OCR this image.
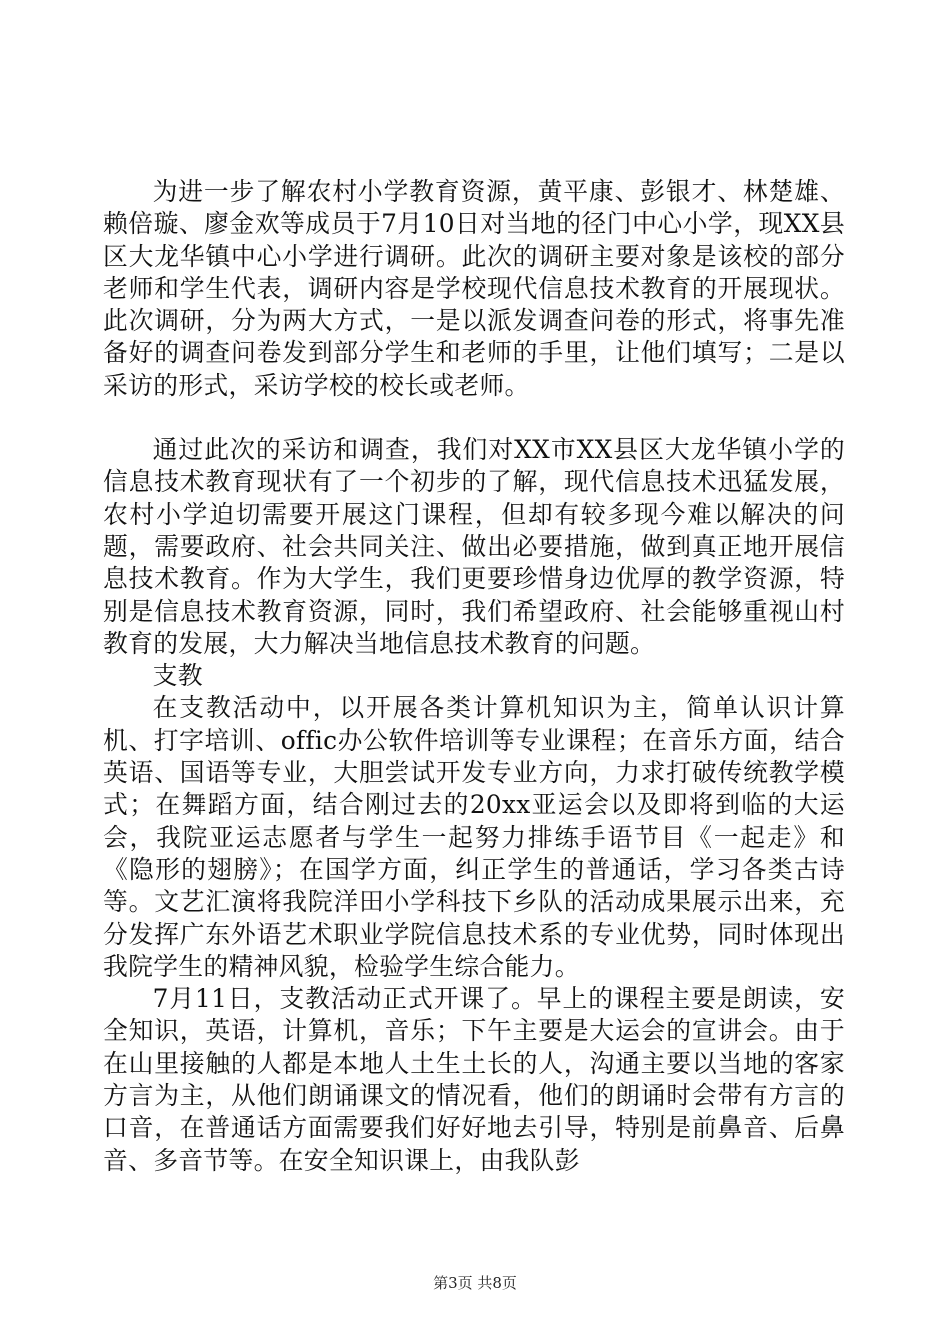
为进一步了解农村小学教育资源，黄平康、彭银才、林楚雄、赖倍璇、廖金欢等成员于7月10日对当地的径门中心小学，现XX县区大龙华镇中心小学进行调研。此次的调研主要对象是该校的部分老师和学生代表，调研内容是学校现代信息技术教育的开展现状。此次调研，分为两大方式，一是以派发调查问卷的形式，将事先准备好的调查问卷发到部分学生和老师的手里，让他们填写；二是以采访的形式，采访学校的校长或老师。

通过此次的采访和调查，我们对XX市XX县区大龙华镇小学的信息技术教育现状有了一个初步的了解，现代信息技术迅猛发展，农村小学迫切需要开展这门课程，但却有较多现今难以解决的问题，需要政府、社会共同关注、做出必要措施，做到真正地开展信息技术教育。作为大学生，我们更要珍惜身边优厚的教学资源，特别是信息技术教育资源，同时，我们希望政府、社会能够重视山村教育的发展，大力解决当地信息技术教育的问题。

支教

在支教活动中，以开展各类计算机知识为主，简单认识计算机、打字培训、offic办公软件培训等专业课程；在音乐方面，结合英语、国语等专业，大胆尝试开发专业方向，力求打破传统教学模式；在舞蹈方面，结合刚过去的20xx亚运会以及即将到临的大运会，我院亚运志愿者与学生一起努力排练手语节目《一起走》和《隐形的翅膀》；在国学方面，纠正学生的普通话，学习各类古诗等。文艺汇演将我院洋田小学科技下乡队的活动成果展示出来，充分发挥广东外语艺术职业学院信息技术系的专业优势，同时体现出我院学生的精神风貌，检验学生综合能力。

7月11日，支教活动正式开课了。早上的课程主要是朗读，安全知识，英语，计算机，音乐；下午主要是大运会的宣讲会。由于在山里接触的人都是本地人土生土长的人，沟通主要以当地的客家方言为主，从他们朗诵课文的情况看，他们的朗诵时会带有方言的口音，在普通话方面需要我们好好地去引导，特别是前鼻音、后鼻音、多音节等。在安全知识课上，由我队彭

第3页 共8页
